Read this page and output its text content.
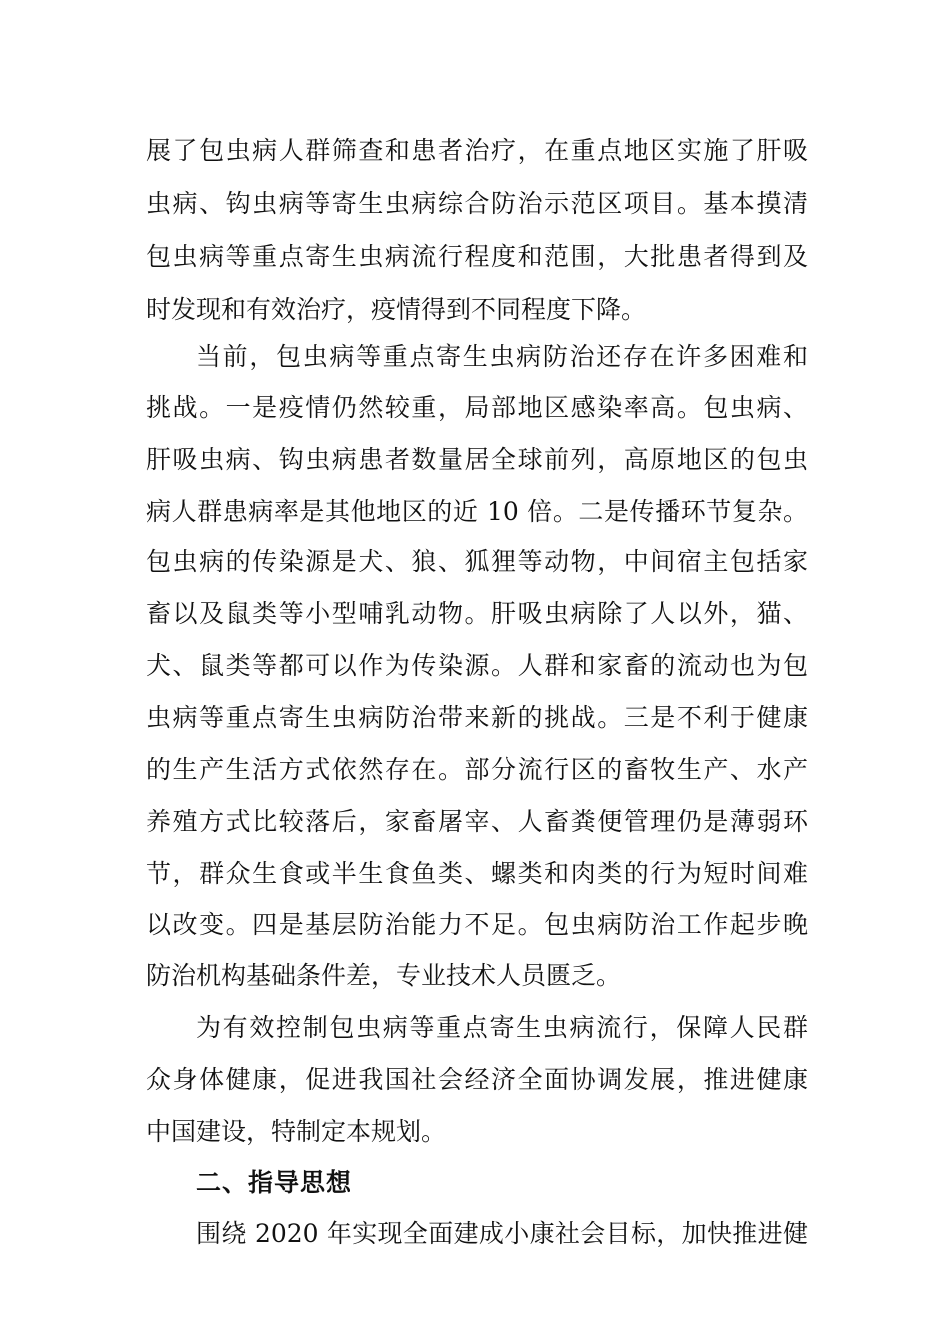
展了包虫病人群筛查和患者治疗，在重点地区实施了肝吸
虫病、钩虫病等寄生虫病综合防治示范区项目。基本摸清
包虫病等重点寄生虫病流行程度和范围，大批患者得到及
时发现和有效治疗，疫情得到不同程度下降。
当前，包虫病等重点寄生虫病防治还存在许多困难和
挑战。一是疫情仍然较重，局部地区感染率高。包虫病、
肝吸虫病、钩虫病患者数量居全球前列，高原地区的包虫
病人群患病率是其他地区的近 10 倍。二是传播环节复杂。
包虫病的传染源是犬、狼、狐狸等动物，中间宿主包括家
畜以及鼠类等小型哺乳动物。肝吸虫病除了人以外，猫、
犬、鼠类等都可以作为传染源。人群和家畜的流动也为包
虫病等重点寄生虫病防治带来新的挑战。三是不利于健康
的生产生活方式依然存在。部分流行区的畜牧生产、水产
养殖方式比较落后，家畜屠宰、人畜粪便管理仍是薄弱环
节，群众生食或半生食鱼类、螺类和肉类的行为短时间难
以改变。四是基层防治能力不足。包虫病防治工作起步晚
防治机构基础条件差，专业技术人员匮乏。
为有效控制包虫病等重点寄生虫病流行，保障人民群
众身体健康，促进我国社会经济全面协调发展，推进健康
中国建设，特制定本规划。
二、指导思想
围绕 2020 年实现全面建成小康社会目标，加快推进健
